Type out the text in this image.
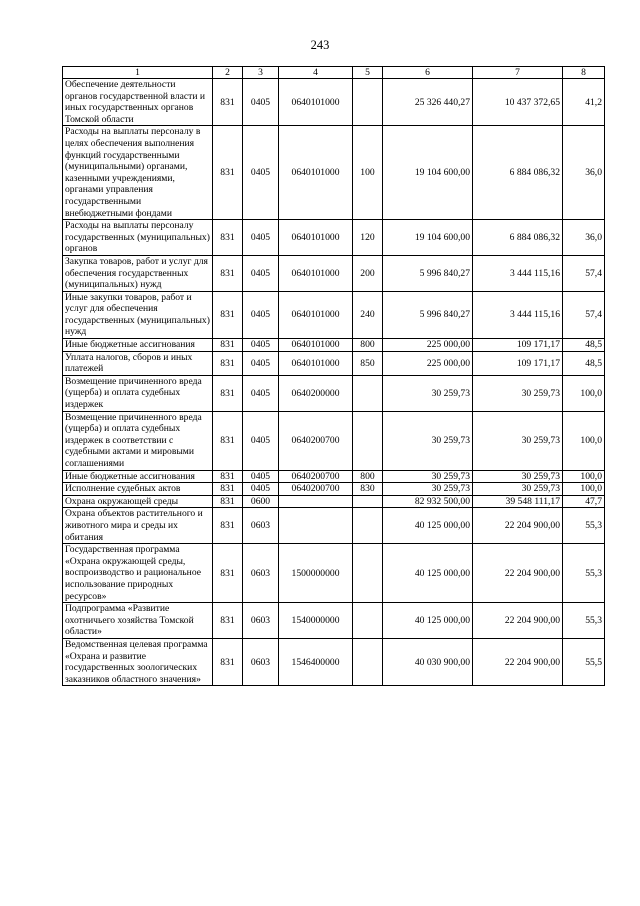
243
1	2	3	4	5	6	7	8
Обеспечение деятельности органов государственной власти и иных государственных органов Томской области	831	0405	0640101000		25 326 440,27	10 437 372,65	41,2
Расходы на выплаты персоналу в целях обеспечения выполнения функций государственными (муниципальными) органами, казенными учреждениями, органами управления государственными внебюджетными фондами	831	0405	0640101000	100	19 104 600,00	6 884 086,32	36,0
Расходы на выплаты персоналу государственных (муниципальных) органов	831	0405	0640101000	120	19 104 600,00	6 884 086,32	36,0
Закупка товаров, работ и услуг для обеспечения государственных (муниципальных) нужд	831	0405	0640101000	200	5 996 840,27	3 444 115,16	57,4
Иные закупки товаров, работ и услуг для обеспечения государственных (муниципальных) нужд	831	0405	0640101000	240	5 996 840,27	3 444 115,16	57,4
Иные бюджетные ассигнования	831	0405	0640101000	800	225 000,00	109 171,17	48,5
Уплата налогов, сборов и иных платежей	831	0405	0640101000	850	225 000,00	109 171,17	48,5
Возмещение причиненного вреда (ущерба) и оплата судебных издержек	831	0405	0640200000		30 259,73	30 259,73	100,0
Возмещение причиненного вреда (ущерба) и оплата судебных издержек в соответствии с судебными актами и мировыми соглашениями	831	0405	0640200700		30 259,73	30 259,73	100,0
Иные бюджетные ассигнования	831	0405	0640200700	800	30 259,73	30 259,73	100,0
Исполнение судебных актов	831	0405	0640200700	830	30 259,73	30 259,73	100,0
Охрана окружающей среды	831	0600			82 932 500,00	39 548 111,17	47,7
Охрана объектов растительного и животного мира и среды их обитания	831	0603			40 125 000,00	22 204 900,00	55,3
Государственная программа «Охрана окружающей среды, воспроизводство и рациональное использование природных ресурсов»	831	0603	1500000000		40 125 000,00	22 204 900,00	55,3
Подпрограмма «Развитие охотничьего хозяйства Томской области»	831	0603	1540000000		40 125 000,00	22 204 900,00	55,3
Ведомственная целевая программа «Охрана и развитие государственных зоологических заказников областного значения»	831	0603	1546400000		40 030 900,00	22 204 900,00	55,5
